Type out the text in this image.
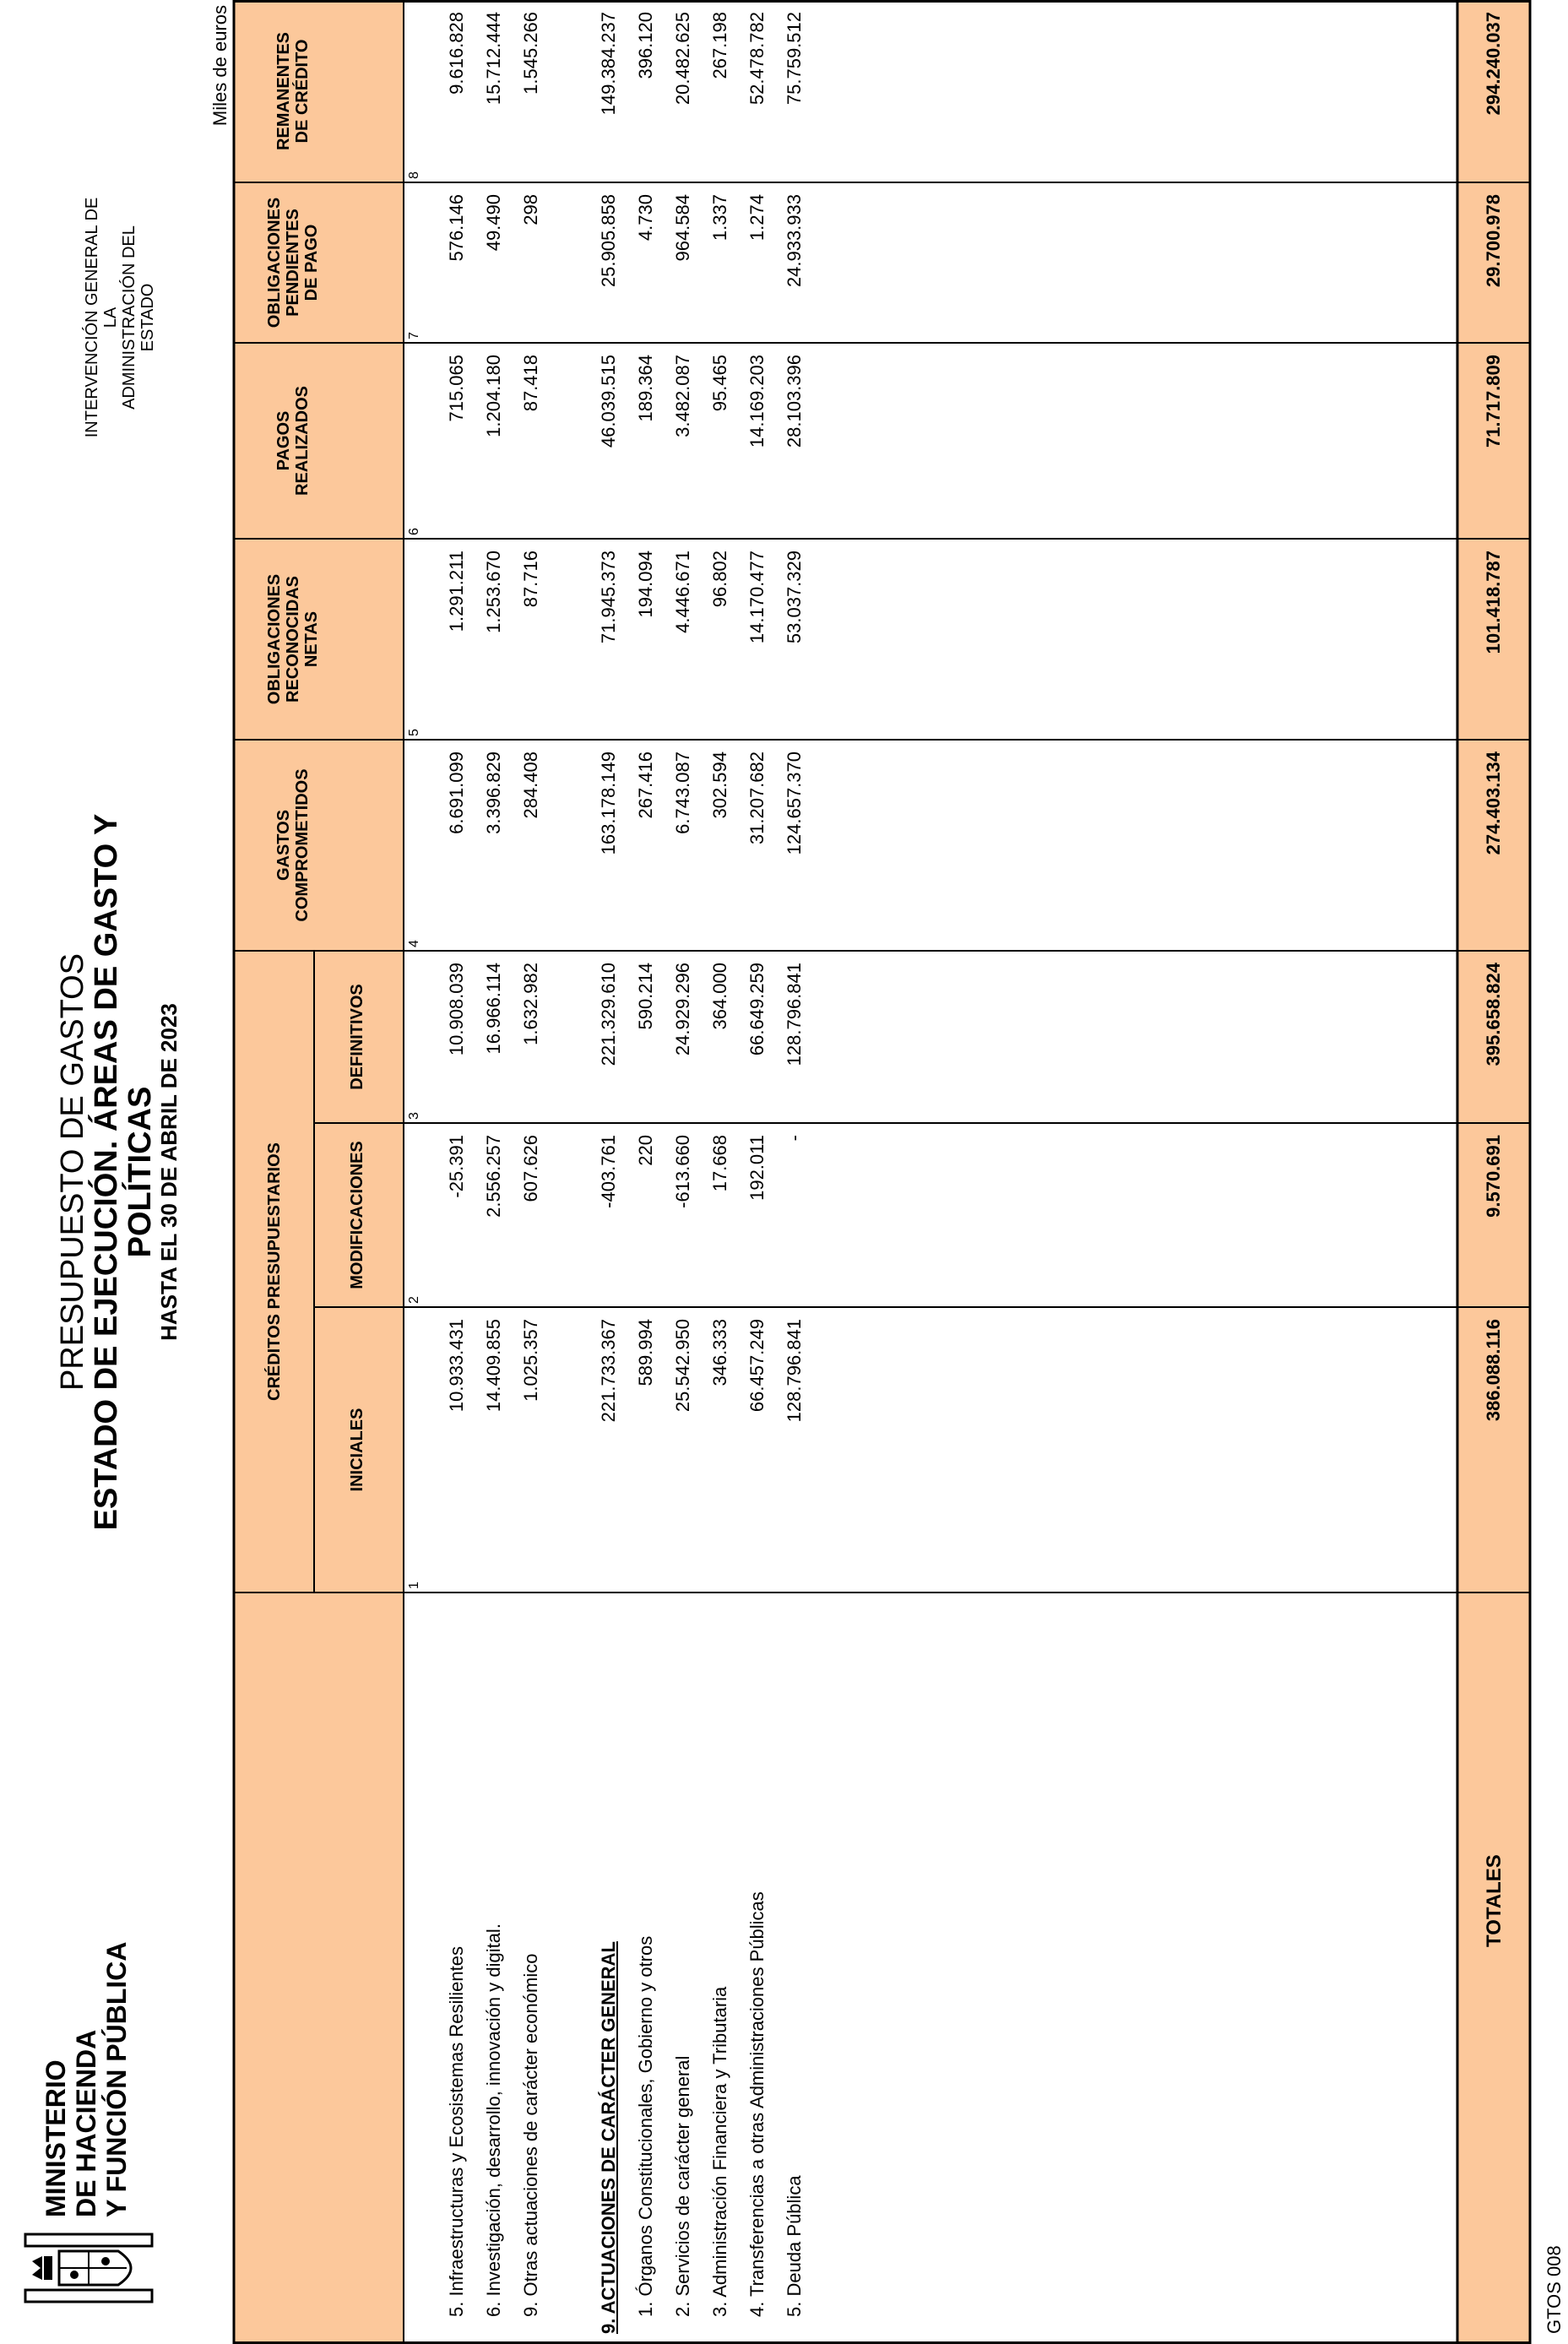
MINISTERIO DE HACIENDA Y FUNCIÓN PÚBLICA
PRESUPUESTO DE GASTOS
ESTADO DE EJECUCIÓN. ÁREAS DE GASTO Y POLÍTICAS
HASTA EL 30 DE ABRIL DE 2023
INTERVENCIÓN GENERAL DE LA ADMINISTRACIÓN DEL ESTADO
Miles de euros
GTOS 008
CRÉDITOS PRESUPUESTARIOS
INICIALES
MODIFICACIONES
DEFINITIVOS
GASTOS COMPROMETIDOS
OBLIGACIONES RECONOCIDAS NETAS
PAGOS REALIZADOS
OBLIGACIONES PENDIENTES DE PAGO
REMANENTES DE CRÉDITO
1
2
3
4
5
6
7
8
5. Infraestructuras y Ecosistemas Resilientes
10.933.431
-25.391
10.908.039
6.691.099
1.291.211
715.065
576.146
9.616.828
6. Investigación, desarrollo, innovación y digital.
14.409.855
2.556.257
16.966.114
3.396.829
1.253.670
1.204.180
49.490
15.712.444
9. Otras actuaciones de carácter económico
1.025.357
607.626
1.632.982
284.408
87.716
87.418
298
1.545.266
9. ACTUACIONES DE CARÁCTER GENERAL
221.733.367
-403.761
221.329.610
163.178.149
71.945.373
46.039.515
25.905.858
149.384.237
1. Órganos Constitucionales, Gobierno y otros
589.994
220
590.214
267.416
194.094
189.364
4.730
396.120
2. Servicios de carácter general
25.542.950
-613.660
24.929.296
6.743.087
4.446.671
3.482.087
964.584
20.482.625
3. Administración Financiera y Tributaria
346.333
17.668
364.000
302.594
96.802
95.465
1.337
267.198
4. Transferencias a otras Administraciones Públicas
66.457.249
192.011
66.649.259
31.207.682
14.170.477
14.169.203
1.274
52.478.782
5. Deuda Pública
128.796.841
-
128.796.841
124.657.370
53.037.329
28.103.396
24.933.933
75.759.512
TOTALES
386.088.116
9.570.691
395.658.824
274.403.134
101.418.787
71.717.809
29.700.978
294.240.037
